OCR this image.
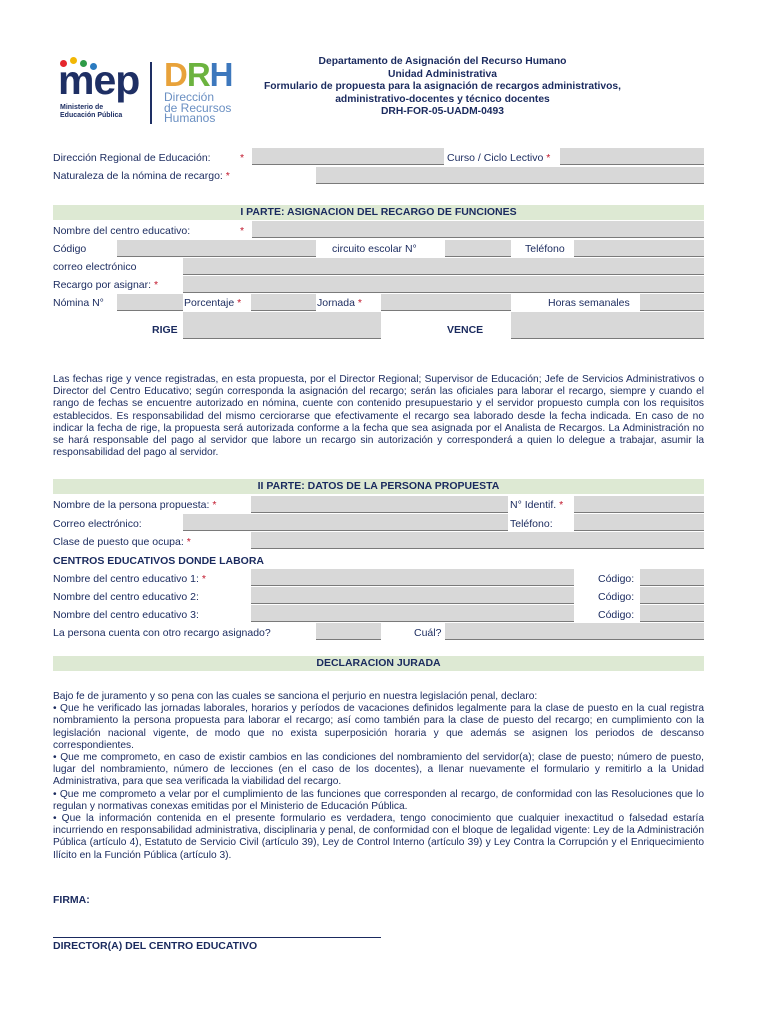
mep
Ministerio de
Educación Pública
DRH
Dirección
de Recursos
Humanos
Departamento de Asignación del Recurso Humano
Unidad Administrativa
Formulario de propuesta para la asignación de recargos administrativos,
administrativo-docentes y técnico docentes
DRH-FOR-05-UADM-0493
Dirección Regional de Educación:	*	Curso / Ciclo Lectivo *
Naturaleza de la nómina de recargo: *
I PARTE: ASIGNACION DEL RECARGO DE FUNCIONES
Nombre del centro educativo:	*
Código	circuito escolar N°	Teléfono
correo electrónico
Recargo por asignar: *
Nómina N°	Porcentaje *	Jornada *	Horas semanales
RIGE	VENCE
Las fechas rige y vence registradas, en esta propuesta, por el Director Regional; Supervisor de Educación; Jefe de Servicios Administrativos o Director del Centro Educativo; según corresponda la asignación del recargo; serán las oficiales para laborar el recargo, siempre y cuando el rango de fechas se encuentre autorizado en nómina, cuente con contenido presupuestario y el servidor propuesto cumpla con los requisitos establecidos. Es responsabilidad del mismo cerciorarse que efectivamente el recargo sea laborado desde la fecha indicada. En caso de no indicar la fecha de rige, la propuesta será autorizada conforme a la fecha que sea asignada por el Analista de Recargos. La Administración no se hará responsable del pago al servidor que labore un recargo sin autorización y corresponderá a quien lo delegue a trabajar, asumir la responsabilidad del pago al servidor.
II PARTE: DATOS DE LA PERSONA PROPUESTA
Nombre de la persona propuesta: *	N° Identif. *
Correo electrónico:	Teléfono:
Clase de puesto que ocupa: *
CENTROS EDUCATIVOS DONDE LABORA
Nombre del centro educativo 1: *	Código:
Nombre del centro educativo 2:	Código:
Nombre del centro educativo 3:	Código:
La persona cuenta con otro recargo asignado?	Cuál?
DECLARACION JURADA
Bajo fe de juramento y so pena con las cuales se sanciona el perjurio en nuestra legislación penal, declaro:
• Que he verificado las jornadas laborales, horarios y períodos de vacaciones definidos legalmente para la clase de puesto en la cual registra nombramiento la persona propuesta para laborar el recargo; así como también para la clase de puesto del recargo; en cumplimiento con la legislación nacional vigente, de modo que no exista superposición horaria y que además se asignen los periodos de descanso correspondientes.
• Que me comprometo, en caso de existir cambios en las condiciones del nombramiento del servidor(a); clase de puesto; número de puesto, lugar del nombramiento, número de lecciones (en el caso de los docentes), a llenar nuevamente el formulario y remitirlo a la Unidad Administrativa, para que sea verificada la viabilidad del recargo.
• Que me comprometo a velar por el cumplimiento de las funciones que corresponden al recargo, de conformidad con las Resoluciones que lo regulan y normativas conexas emitidas por el Ministerio de Educación Pública.
• Que la información contenida en el presente formulario es verdadera, tengo conocimiento que cualquier inexactitud o falsedad estaría incurriendo en responsabilidad administrativa, disciplinaria y penal, de conformidad con el bloque de legalidad vigente: Ley de la Administración Pública (artículo 4), Estatuto de Servicio Civil (artículo 39), Ley de Control Interno (artículo 39) y Ley Contra la Corrupción y el Enriquecimiento Ilícito en la Función Pública (artículo 3).
FIRMA:
DIRECTOR(A) DEL CENTRO EDUCATIVO
